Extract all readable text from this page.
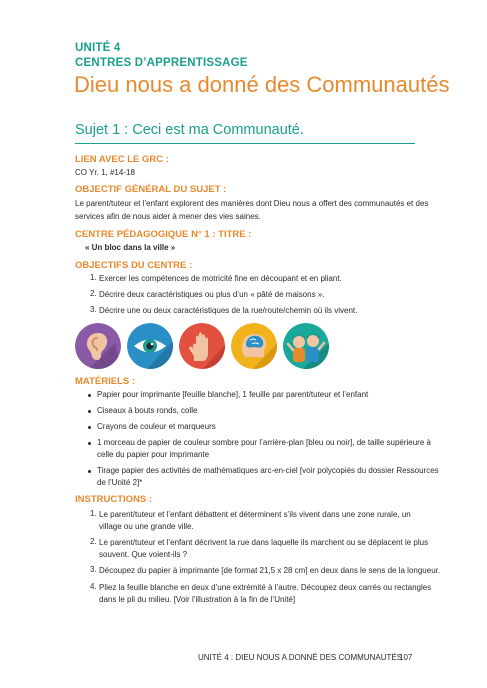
UNITÉ 4
CENTRES D’APPRENTISSAGE
Dieu nous a donné des Communautés
Sujet 1 : Ceci est ma Communauté.
LIEN AVEC LE GRC :
CO Yr. 1, #14-18
OBJECTIF GÉNÉRAL DU SUJET :
Le parent/tuteur et l’enfant explorent des manières dont Dieu nous a offert des communautés et des
services afin de nous aider à mener des vies saines.
CENTRE PÉDAGOGIQUE N° 1 : TITRE :
« Un bloc dans la ville »
OBJECTIFS DU CENTRE :
1. Exercer les compétences de motricité fine en découpant et en pliant.
2. Décrire deux caractéristiques ou plus d’un « pâté de maisons ».
3. Décrire une ou deux caractéristiques de la rue/route/chemin où ils vivent.
MATÉRIELS :
Papier pour imprimante [feuille blanche], 1 feuille par parent/tuteur et l’enfant
Ciseaux à bouts ronds, colle
Crayons de couleur et marqueurs
1 morceau de papier de couleur sombre pour l’arrière-plan [bleu ou noir], de taille supérieure à
celle du papier pour imprimante
Tirage papier des activités de mathématiques arc-en-ciel [voir polycopiés du dossier Ressources
de l’Unité 2]*
INSTRUCTIONS :
1. Le parent/tuteur et l’enfant débattent et déterminent s’ils vivent dans une zone rurale, un
village ou une grande ville.
2. Le parent/tuteur et l’enfant décrivent la rue dans laquelle ils marchent ou se déplacent le plus
souvent. Que voient-ils ?
3. Découpez du papier à imprimante [de format 21,5 x 28 cm] en deux dans le sens de la longueur.
4. Pliez la feuille blanche en deux d’une extrémité à l’autre. Découpez deux carrés ou rectangles
dans le pli du milieu. [Voir l’illustration à la fin de l’Unité]
UNITÉ 4 : DIEU NOUS A DONNÉ DES COMMUNAUTÉS
107
